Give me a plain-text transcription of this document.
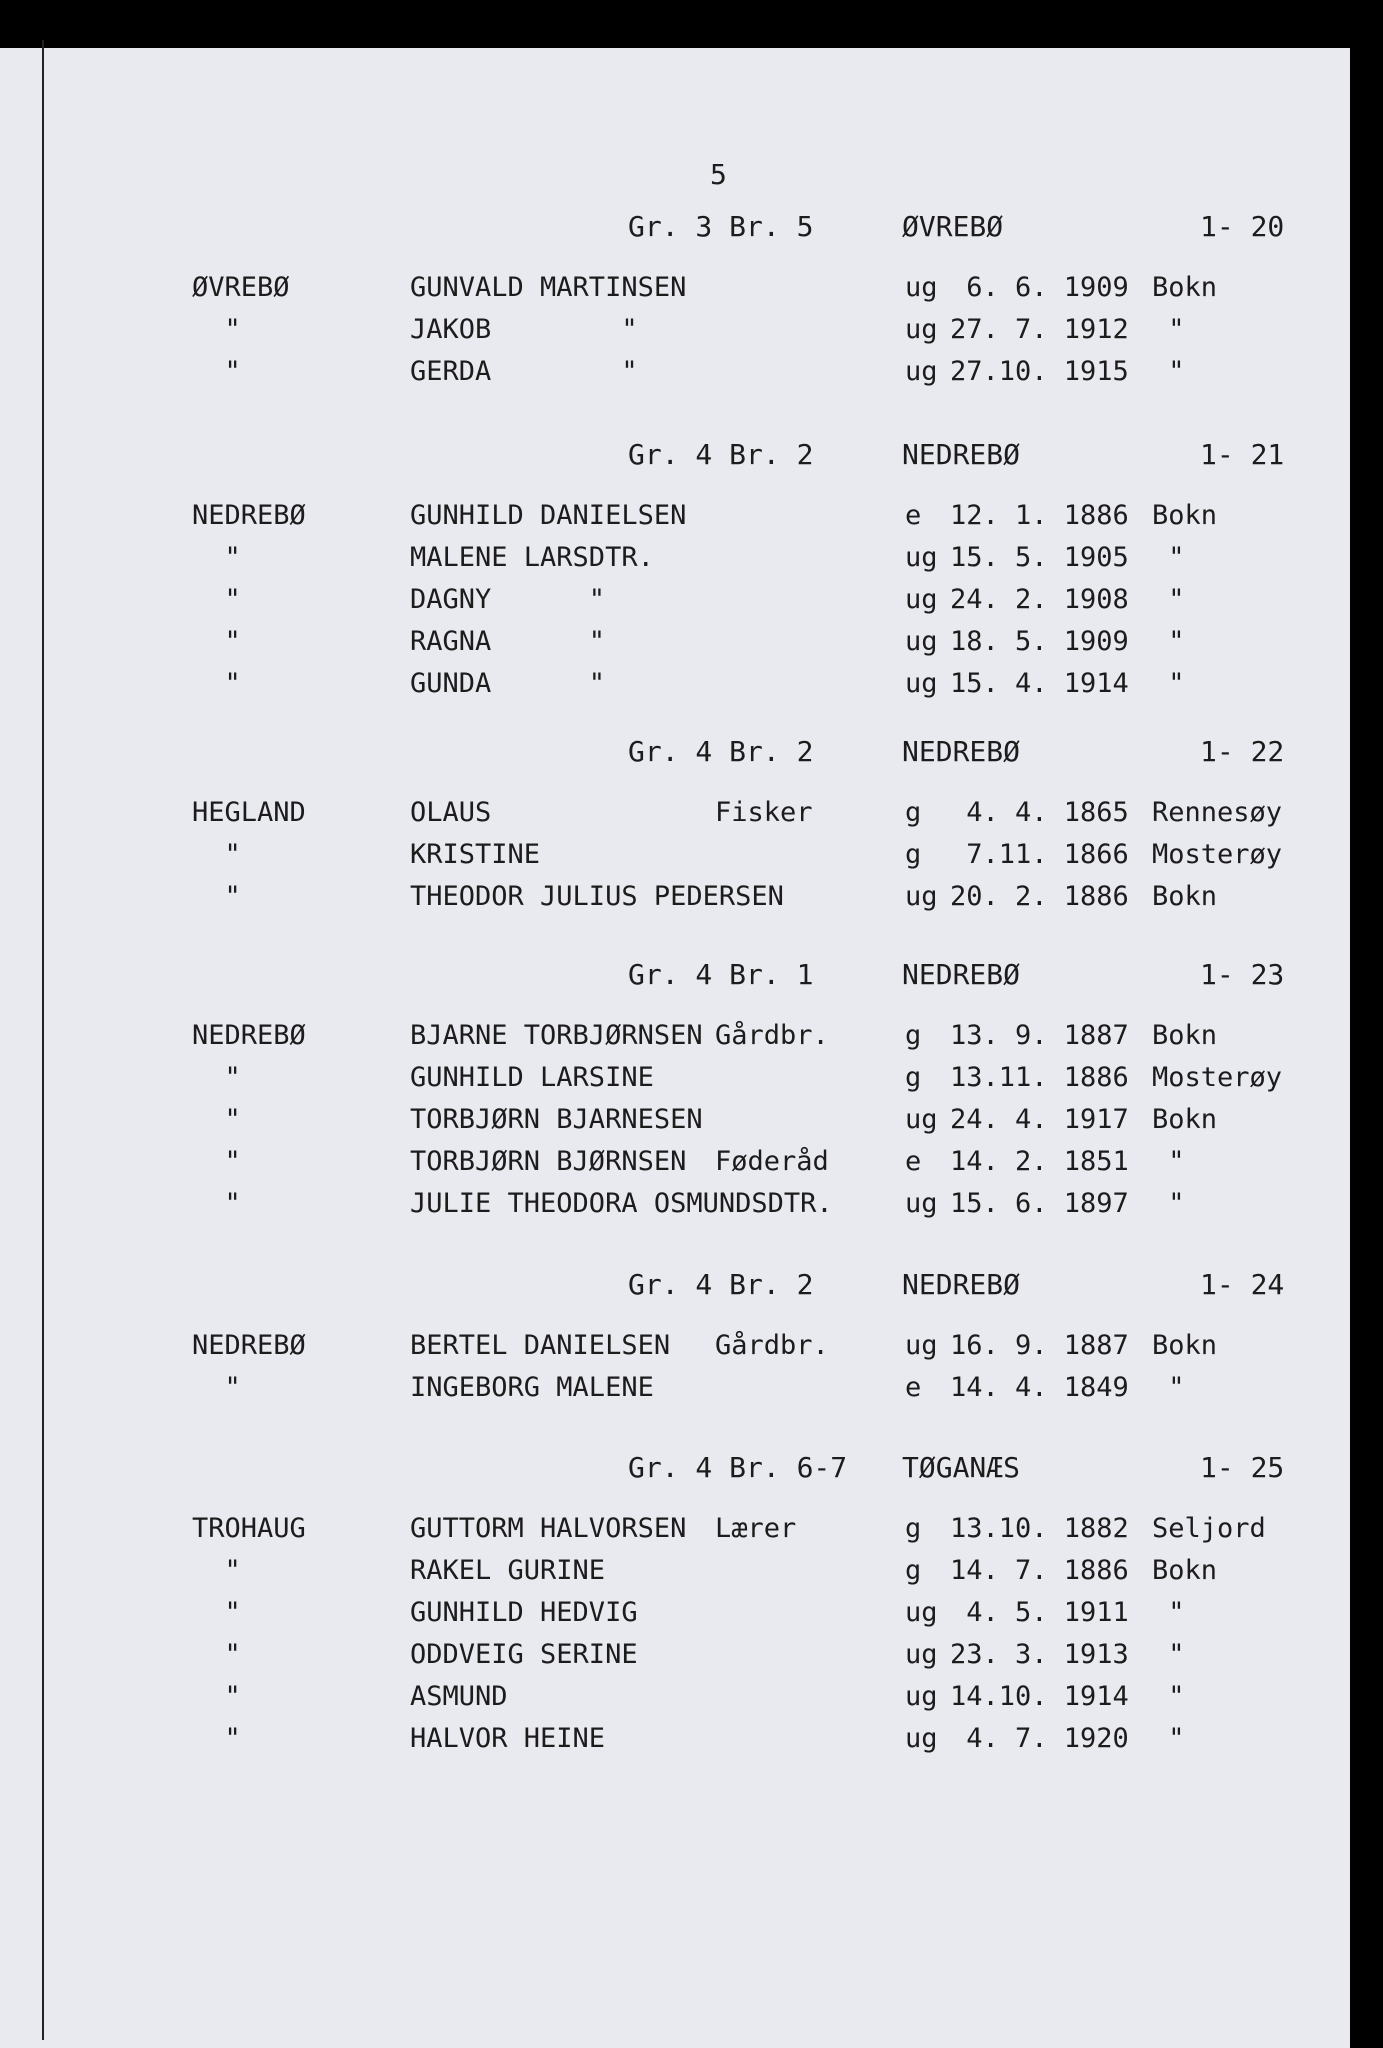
5
Gr. 3 Br. 5	ØVREBØ	1- 20
ØVREBØ	GUNVALD MARTINSEN	ug 6. 6. 1909 Bokn
"	JAKOB        "	ug 27. 7. 1912 "
"	GERDA        "	ug 27.10. 1915 "
Gr. 4 Br. 2	NEDREBØ	1- 21
NEDREBØ	GUNHILD DANIELSEN	e 12. 1. 1886 Bokn
"	MALENE LARSDTR.	ug 15. 5. 1905 "
"	DAGNY      "	ug 24. 2. 1908 "
"	RAGNA      "	ug 18. 5. 1909 "
"	GUNDA      "	ug 15. 4. 1914 "
Gr. 4 Br. 2	NEDREBØ	1- 22
HEGLAND	OLAUS	Fisker	g 4. 4. 1865 Rennesøy
"	KRISTINE	g 7.11. 1866 Mosterøy
"	THEODOR JULIUS PEDERSEN	ug 20. 2. 1886 Bokn
Gr. 4 Br. 1	NEDREBØ	1- 23
NEDREBØ	BJARNE TORBJØRNSEN Gårdbr.	g 13. 9. 1887 Bokn
"	GUNHILD LARSINE	g 13.11. 1886 Mosterøy
"	TORBJØRN BJARNESEN	ug 24. 4. 1917 Bokn
"	TORBJØRN BJØRNSEN Føderåd	e 14. 2. 1851 "
"	JULIE THEODORA OSMUNDSDTR.	ug 15. 6. 1897 "
Gr. 4 Br. 2	NEDREBØ	1- 24
NEDREBØ	BERTEL DANIELSEN Gårdbr.	ug 16. 9. 1887 Bokn
"	INGEBORG MALENE	e 14. 4. 1849 "
Gr. 4 Br. 6-7 TØGANÆS	1- 25
TROHAUG	GUTTORM HALVORSEN Lærer	g 13.10. 1882 Seljord
"	RAKEL GURINE	g 14. 7. 1886 Bokn
"	GUNHILD HEDVIG	ug 4. 5. 1911 "
"	ODDVEIG SERINE	ug 23. 3. 1913 "
"	ASMUND	ug 14.10. 1914 "
"	HALVOR HEINE	ug 4. 7. 1920 "
